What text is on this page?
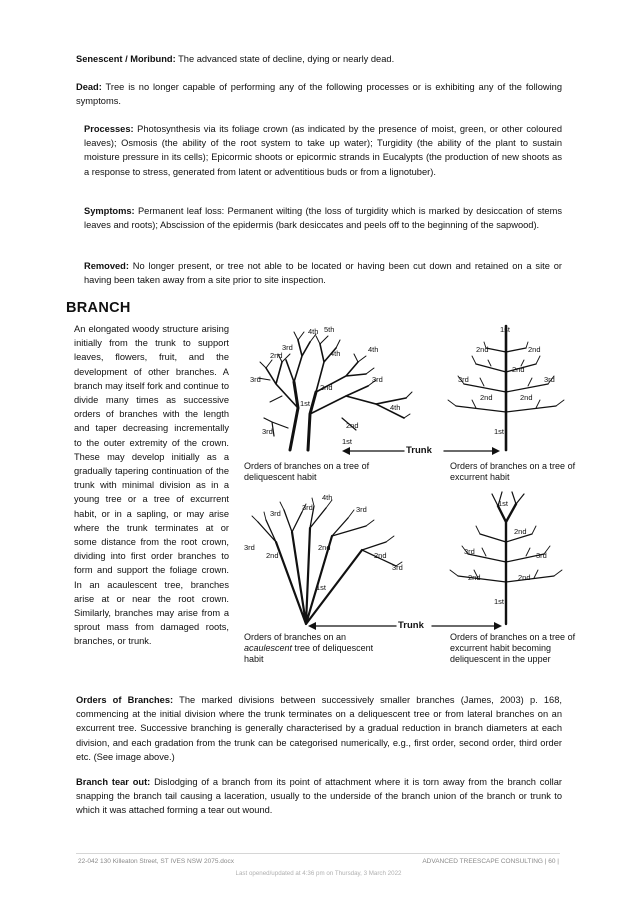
Senescent / Moribund: The advanced state of decline, dying or nearly dead.
Dead: Tree is no longer capable of performing any of the following processes or is exhibiting any of the following symptoms.
Processes: Photosynthesis via its foliage crown (as indicated by the presence of moist, green, or other coloured leaves); Osmosis (the ability of the root system to take up water); Turgidity (the ability of the plant to sustain moisture pressure in its cells); Epicormic shoots or epicormic strands in Eucalypts (the production of new shoots as a response to stress, generated from latent or adventitious buds or from a lignotuber).
Symptoms: Permanent leaf loss: Permanent wilting (the loss of turgidity which is marked by desiccation of stems leaves and roots); Abscission of the epidermis (bark desiccates and peels off to the beginning of the sapwood).
Removed: No longer present, or tree not able to be located or having been cut down and retained on a site or having been taken away from a site prior to site inspection.
BRANCH
An elongated woody structure arising initially from the trunk to support leaves, flowers, fruit, and the development of other branches. A branch may itself fork and continue to divide many times as successive orders of branches with the length and taper decreasing incrementally to the outer extremity of the crown. These may develop initially as a gradually tapering continuation of the trunk with minimal division as in a young tree or a tree of excurrent habit, or in a sapling, or may arise where the trunk terminates at or some distance from the root crown, dividing into first order branches to form and support the foliage crown. In an acaulescent tree, branches arise at or near the root crown. Similarly, branches may arise from a sprout mass from damaged roots, branches, or trunk.
2nd
3rd
4th 5th
4th	4th
3rd
2nd
1st
3rd
4th
2nd
1st
3rd
1st
2nd	2nd
2nd
3rd	3rd
2nd	2nd
1st
3rd
3rd
4th
3rd
3rd
2nd
2nd
2nd
3rd
1st
1st
2nd
3rd	3rd
2nd	2nd
1st
Trunk
Trunk
Orders of branches on a tree of deliquescent habit
Orders of branches on a tree of excurrent habit
Orders of branches on an acaulescent tree of deliquescent habit
Orders of branches on a tree of excurrent habit becoming deliquescent in the upper
Orders of Branches: The marked divisions between successively smaller branches (James, 2003) p. 168, commencing at the initial division where the trunk terminates on a deliquescent tree or from lateral branches on an excurrent tree. Successive branching is generally characterised by a gradual reduction in branch diameters at each division, and each gradation from the trunk can be categorised numerically, e.g., first order, second order, third order etc. (See image above.)
Branch tear out: Dislodging of a branch from its point of attachment where it is torn away from the branch collar snapping the branch tail causing a laceration, usually to the underside of the branch union of the branch or trunk to which it was attached forming a tear out wound.
22-042 130 Killeaton Street, ST IVES NSW 2075.docx	ADVANCED TREESCAPE CONSULTING | 60 |
Last opened/updated at 4:36 pm on Thursday, 3 March 2022
